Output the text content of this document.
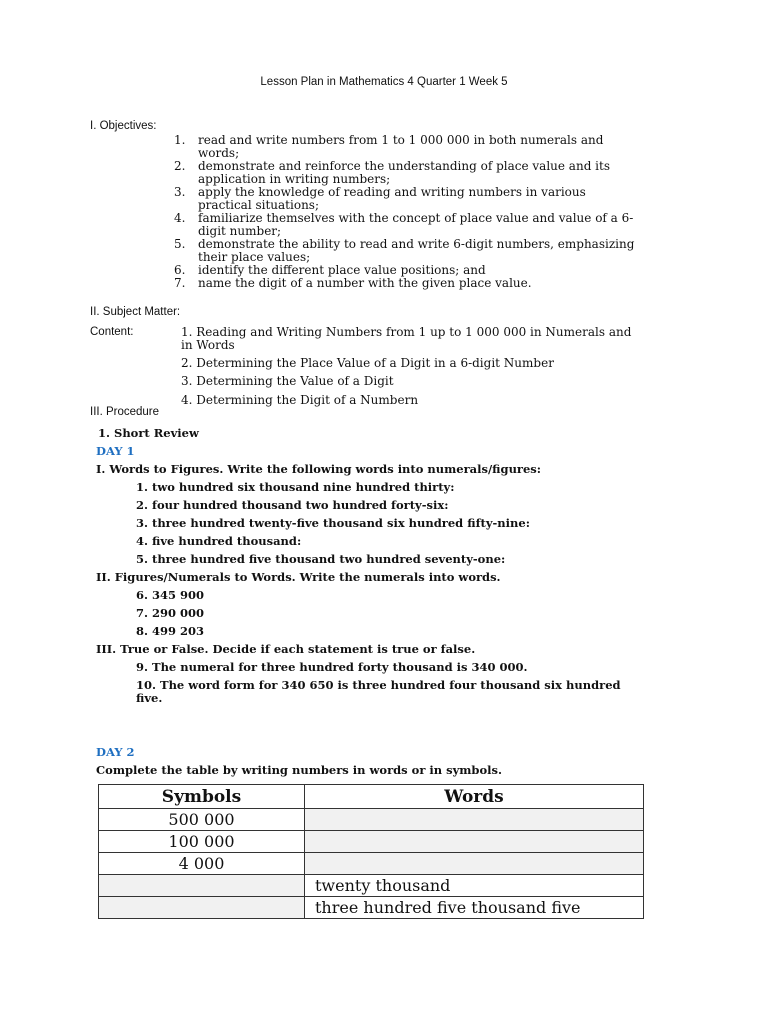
Lesson Plan in Mathematics 4 Quarter 1 Week 5
I. Objectives:
1. read and write numbers from 1 to 1 000 000 in both numerals and
words;
2. demonstrate and reinforce the understanding of place value and its
application in writing numbers;
3. apply the knowledge of reading and writing numbers in various
practical situations;
4. familiarize themselves with the concept of place value and value of a 6-
digit number;
5. demonstrate the ability to read and write 6-digit numbers, emphasizing
their place values;
6. identify the different place value positions; and
7. name the digit of a number with the given place value.
II. Subject Matter:
Content:	1. Reading and Writing Numbers from 1 up to 1 000 000 in Numerals and
in Words
2. Determining the Place Value of a Digit in a 6-digit Number
3. Determining the Value of a Digit
4. Determining the Digit of a Numbern
III. Procedure
1. Short Review
DAY 1
I. Words to Figures. Write the following words into numerals/figures:
1. two hundred six thousand nine hundred thirty:
2. four hundred thousand two hundred forty-six:
3. three hundred twenty-five thousand six hundred fifty-nine:
4. five hundred thousand:
5. three hundred five thousand two hundred seventy-one:
II. Figures/Numerals to Words. Write the numerals into words.
6. 345 900
7. 290 000
8. 499 203
III. True or False. Decide if each statement is true or false.
9. The numeral for three hundred forty thousand is 340 000.
10. The word form for 340 650 is three hundred four thousand six hundred
five.
DAY 2
Complete the table by writing numbers in words or in symbols.
Symbols	Words
500 000	
100 000	
4 000	
	twenty thousand
	three hundred five thousand five
